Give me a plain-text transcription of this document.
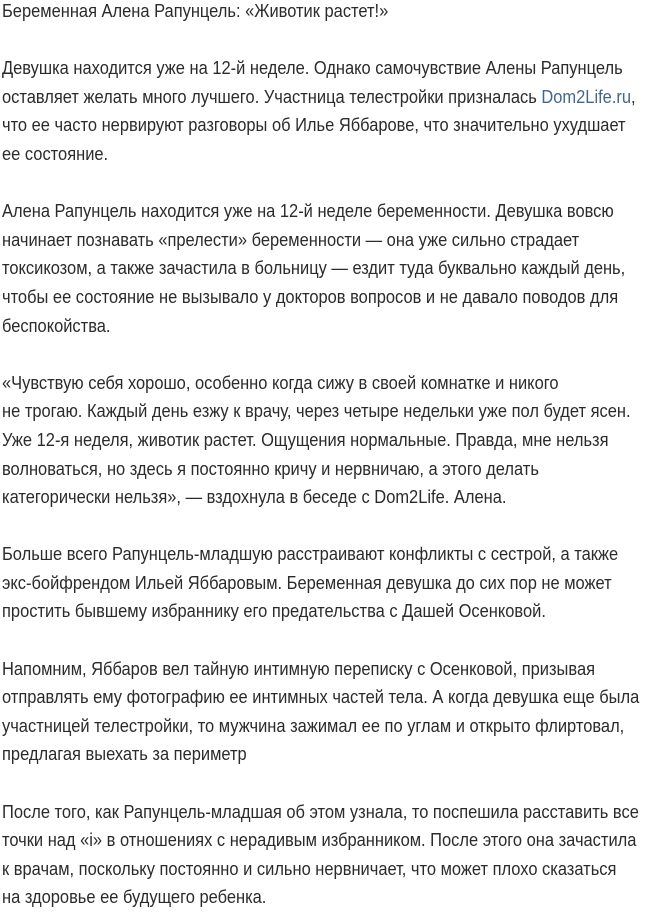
Беременная Алена Рапунцель: «Животик растет!»
Девушка находится уже на 12-й неделе. Однако самочувствие Алены Рапунцель
оставляет желать много лучшего. Участница телестройки призналась Dom2Life.ru,
что ее часто нервируют разговоры об Илье Яббарове, что значительно ухудшает
ее состояние.
Алена Рапунцель находится уже на 12-й неделе беременности. Девушка вовсю
начинает познавать «прелести» беременности — она уже сильно страдает
токсикозом, а также зачастила в больницу — ездит туда буквально каждый день,
чтобы ее состояние не вызывало у докторов вопросов и не давало поводов для
беспокойства.
«Чувствую себя хорошо, особенно когда сижу в своей комнатке и никого
не трогаю. Каждый день езжу к врачу, через четыре недельки уже пол будет ясен.
Уже 12-я неделя, животик растет. Ощущения нормальные. Правда, мне нельзя
волноваться, но здесь я постоянно кричу и нервничаю, а этого делать
категорически нельзя», — вздохнула в беседе с Dom2Life. Алена.
Больше всего Рапунцель-младшую расстраивают конфликты с сестрой, а также
экс-бойфрендом Ильей Яббаровым. Беременная девушка до сих пор не может
простить бывшему избраннику его предательства с Дашей Осенковой.
Напомним, Яббаров вел тайную интимную переписку с Осенковой, призывая
отправлять ему фотографию ее интимных частей тела. А когда девушка еще была
участницей телестройки, то мужчина зажимал ее по углам и открыто флиртовал,
предлагая выехать за периметр
После того, как Рапунцель-младшая об этом узнала, то поспешила расставить все
точки над «i» в отношениях с нерадивым избранником. После этого она зачастила
к врачам, поскольку постоянно и сильно нервничает, что может плохо сказаться
на здоровье ее будущего ребенка.
